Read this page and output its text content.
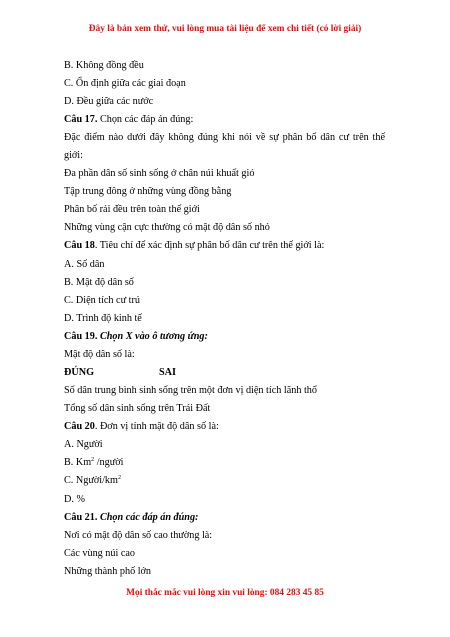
Đây là bản xem thử, vui lòng mua tài liệu để xem chi tiết (có lời giải)
B. Không đồng đều
C. Ổn định giữa các giai đoạn
D. Đều giữa các nước
Câu 17. Chọn các đáp án đúng:
Đặc điểm nào dưới đây không đúng khi nói về sự phân bố dân cư trên thế
giới:
Đa phần dân số sinh sống ở chân núi khuất gió
Tập trung đông ở những vùng đồng bằng
Phân bố rải đều trên toàn thế giới
Những vùng cận cực thường có mật độ dân số nhỏ
Câu 18. Tiêu chí để xác định sự phân bố dân cư trên thế giới là:
A. Số dân
B. Mật độ dân số
C. Diện tích cư trú
D. Trình độ kinh tế
Câu 19. Chọn X vào ô tương ứng:
Mật độ dân số là:
ĐÚNG	SAI
Số dân trung bình sinh sống trên một đơn vị diện tích lãnh thổ
Tổng số dân sinh sống trên Trái Đất
Câu 20. Đơn vị tính mật độ dân số là:
A. Người
B. Km$^2$ /người
C. Người/$km^2$
D. %
Câu 21. Chọn các đáp án đúng:
Nơi có mật độ dân số cao thường là:
Các vùng núi cao
Những thành phố lớn
Mọi thắc mắc vui lòng xin vui lòng: 084 283 45 85
